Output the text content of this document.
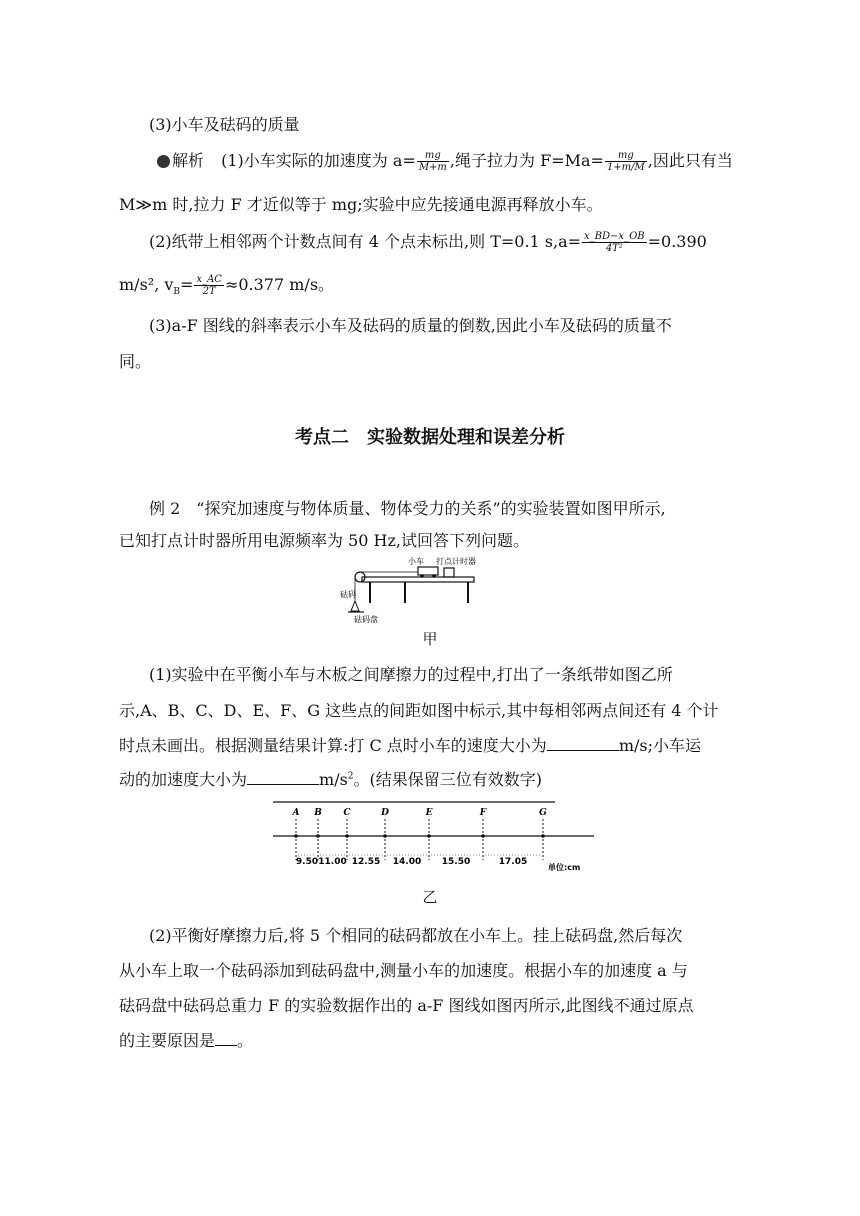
(3)小车及砝码的质量
解析 (1)小车实际的加速度为 $a= \frac{mg}{M+m}$ ,绳子拉力为 $F=Ma= \frac{mg}{1+m/M}$ ,因此只有当
M≫m 时,拉力 F 才近似等于 mg;实验中应先接通电源再释放小车。
(2)纸带上相邻两个计数点间有 4 个点未标出,则 T=0.1 $s,a= \frac{x\_BD-x\_OB}{\text{4T²}} =0.390$
m/s², $v_B= \frac{x\_AC}{2T} \approx 0.377$ m/s。
(3)a-F 图线的斜率表示小车及砝码的质量的倒数,因此小车及砝码的质量不
同。
考点二　实验数据处理和误差分析
例 2　“探究加速度与物体质量、物体受力的关系”的实验装置如图甲所示,
已知打点计时器所用电源频率为 50 Hz,试回答下列问题。
小车 打点计时器
砝码
砝码盘
甲
(1)实验中在平衡小车与木板之间摩擦力的过程中,打出了一条纸带如图乙所
示,A、B、C、D、E、F、G 这些点的间距如图中标示,其中每相邻两点间还有 4 个计
时点未画出。根据测量结果计算:打 C 点时小车的速度大小为	m/s;小车运
动的加速度大小为	$m/s^2$。(结果保留三位有效数字)
A B C	D	E	F	G
9.50 11.00 12.55 14.00 15.50	17.05
单位:cm
乙
(2)平衡好摩擦力后,将 5 个相同的砝码都放在小车上。挂上砝码盘,然后每次
从小车上取一个砝码添加到砝码盘中,测量小车的加速度。根据小车的加速度 a 与
砝码盘中砝码总重力 F 的实验数据作出的 a-F 图线如图丙所示,此图线不通过原点
的主要原因是 。
